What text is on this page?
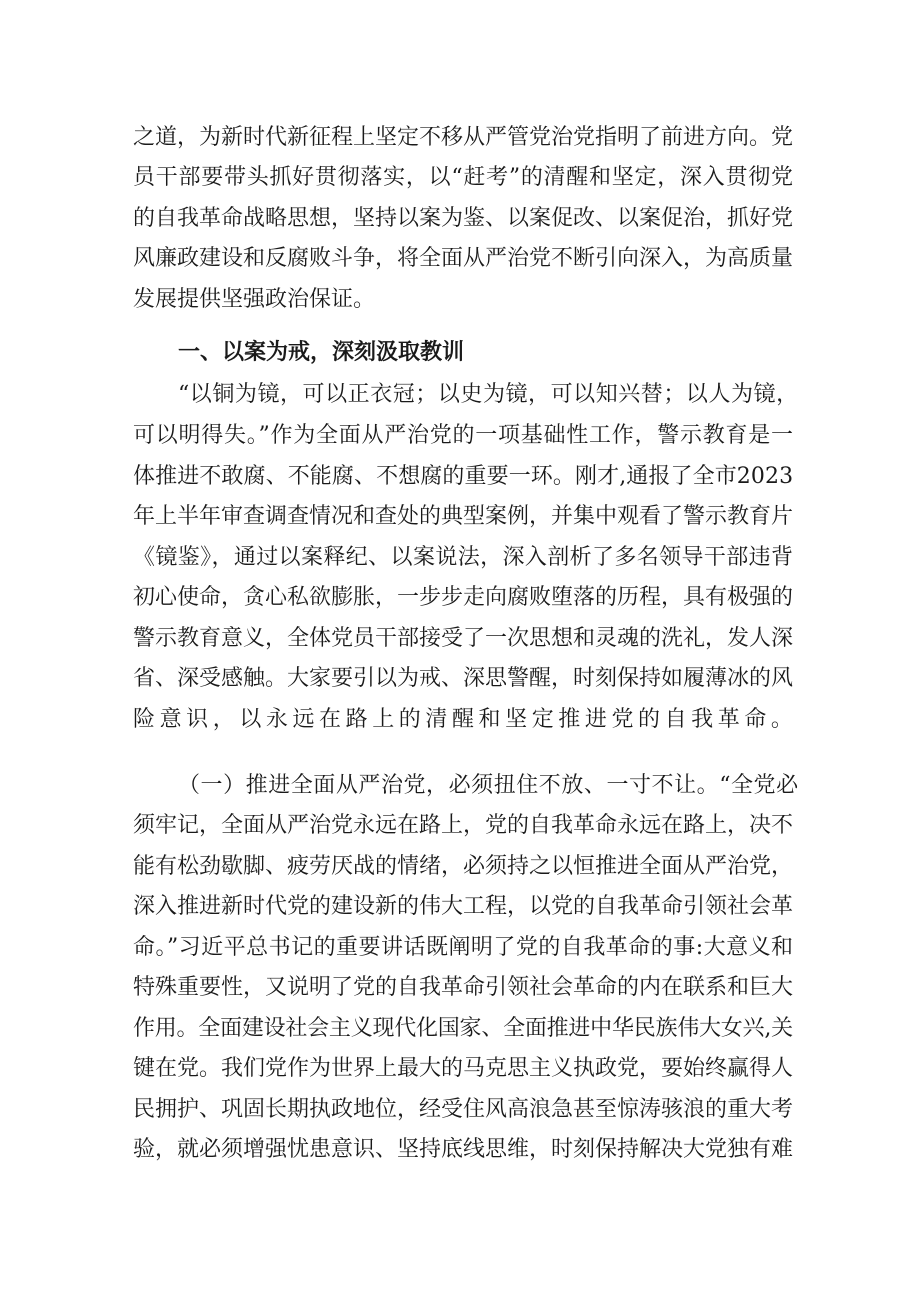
之道，为新时代新征程上坚定不移从严管党治党指明了前进方向。党
员干部要带头抓好贯彻落实，以“赶考”的清醒和坚定，深入贯彻党
的自我革命战略思想，坚持以案为鉴、以案促改、以案促治，抓好党
风廉政建设和反腐败斗争，将全面从严治党不断引向深入，为高质量
发展提供坚强政治保证。
一、以案为戒，深刻汲取教训
“以铜为镜，可以正衣冠；以史为镜，可以知兴替；以人为镜，
可以明得失。”作为全面从严治党的一项基础性工作，警示教育是一
体推进不敢腐、不能腐、不想腐的重要一环。刚才,通报了全市2023
年上半年审查调查情况和查处的典型案例，并集中观看了警示教育片
《镜鉴》，通过以案释纪、以案说法，深入剖析了多名领导干部违背
初心使命，贪心私欲膨胀，一步步走向腐败堕落的历程，具有极强的
警示教育意义，全体党员干部接受了一次思想和灵魂的洗礼，发人深
省、深受感触。大家要引以为戒、深思警醒，时刻保持如履薄冰的风
险意识，以永远在路上的清醒和坚定推进党的自我革命。
（一）推进全面从严治党，必须扭住不放、一寸不让。“全党必
须牢记，全面从严治党永远在路上，党的自我革命永远在路上，决不
能有松劲歇脚、疲劳厌战的情绪，必须持之以恒推进全面从严治党，
深入推进新时代党的建设新的伟大工程，以党的自我革命引领社会革
命。”习近平总书记的重要讲话既阐明了党的自我革命的事:大意义和
特殊重要性，又说明了党的自我革命引领社会革命的内在联系和巨大
作用。全面建设社会主义现代化国家、全面推进中华民族伟大女兴,关
键在党。我们党作为世界上最大的马克思主义执政党，要始终赢得人
民拥护、巩固长期执政地位，经受住风高浪急甚至惊涛骇浪的重大考
验，就必须增强忧患意识、坚持底线思维，时刻保持解决大党独有难
